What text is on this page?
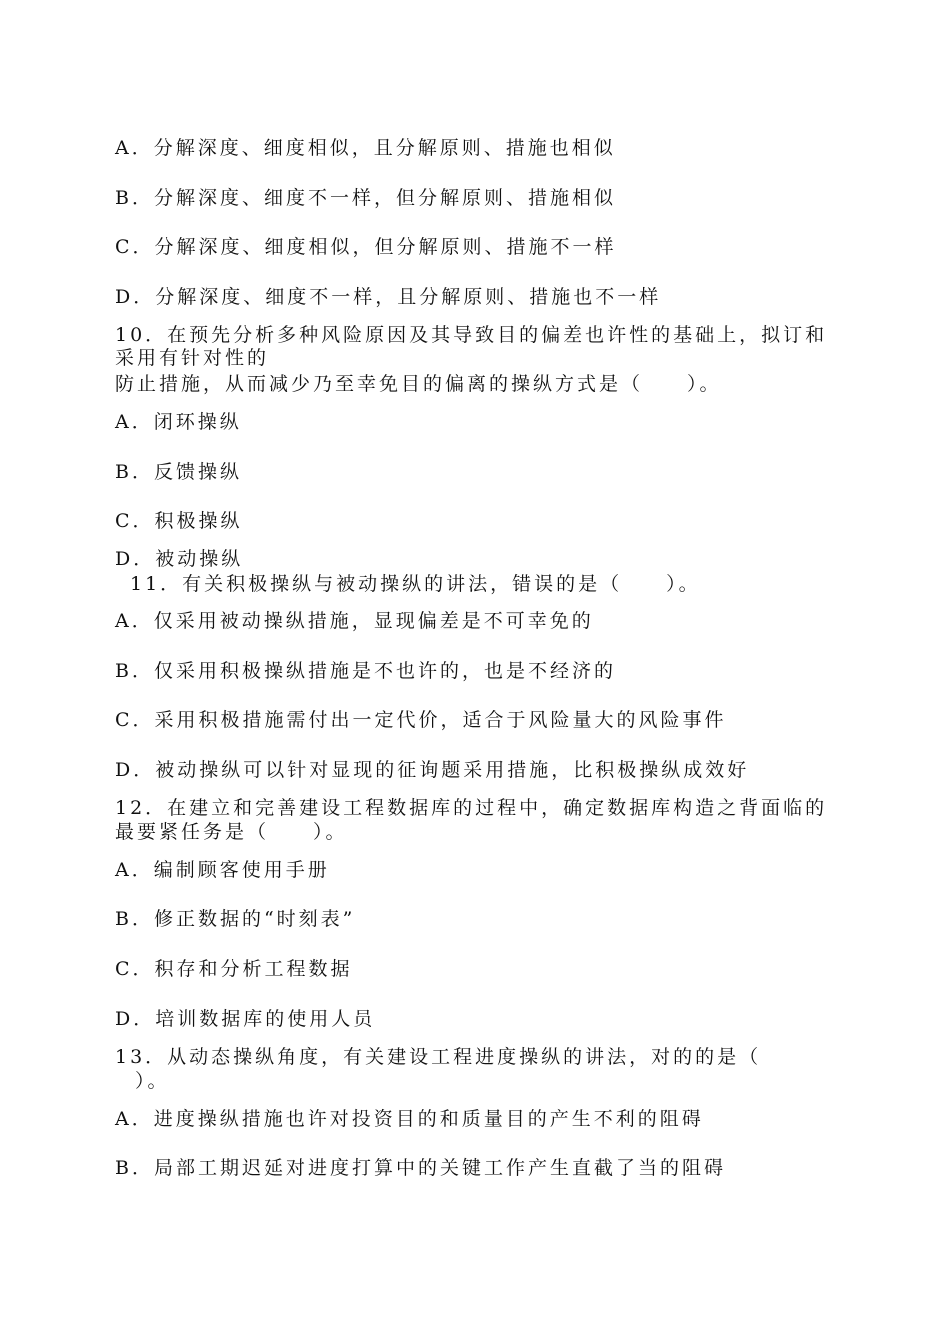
A．分解深度、细度相似，且分解原则、措施也相似
B．分解深度、细度不一样，但分解原则、措施相似
C．分解深度、细度相似，但分解原则、措施不一样
D．分解深度、细度不一样，且分解原则、措施也不一样
10．在预先分析多种风险原因及其导致目的偏差也许性的基础上，拟订和
采用有针对性的
防止措施，从而减少乃至幸免目的偏离的操纵方式是（　　）。
A．闭环操纵
B．反馈操纵
C．积极操纵
D．被动操纵
11．有关积极操纵与被动操纵的讲法，错误的是（　　）。
A．仅采用被动操纵措施，显现偏差是不可幸免的
B．仅采用积极操纵措施是不也许的，也是不经济的
C．采用积极措施需付出一定代价，适合于风险量大的风险事件
D．被动操纵可以针对显现的征询题采用措施，比积极操纵成效好
12．在建立和完善建设工程数据库的过程中，确定数据库构造之背面临的
最要紧任务是（　　）。
A．编制顾客使用手册
B．修正数据的“时刻表”
C．积存和分析工程数据
D．培训数据库的使用人员
13．从动态操纵角度，有关建设工程进度操纵的讲法，对的的是（
）。
A．进度操纵措施也许对投资目的和质量目的产生不利的阻碍
B．局部工期迟延对进度打算中的关键工作产生直截了当的阻碍
